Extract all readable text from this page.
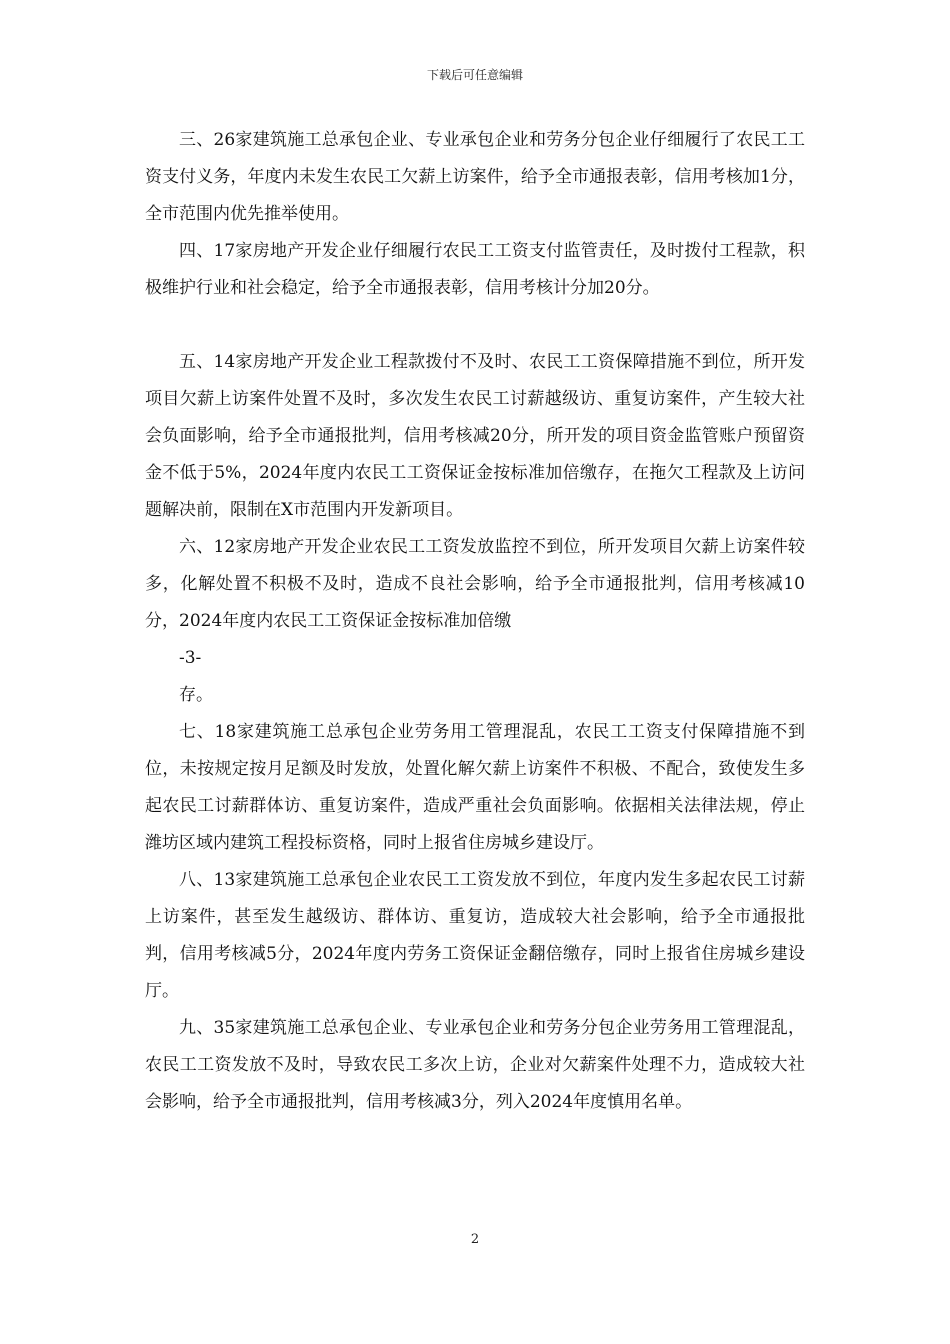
下载后可任意编辑

三、26家建筑施工总承包企业、专业承包企业和劳务分包企业仔细履行了农民工工资支付义务，年度内未发生农民工欠薪上访案件，给予全市通报表彰，信用考核加1分，全市范围内优先推举使用。

四、17家房地产开发企业仔细履行农民工工资支付监管责任，及时拨付工程款，积极维护行业和社会稳定，给予全市通报表彰，信用考核计分加20分。

五、14家房地产开发企业工程款拨付不及时、农民工工资保障措施不到位，所开发项目欠薪上访案件处置不及时，多次发生农民工讨薪越级访、重复访案件，产生较大社会负面影响，给予全市通报批判，信用考核减20分，所开发的项目资金监管账户预留资金不低于5%，2024年度内农民工工资保证金按标准加倍缴存，在拖欠工程款及上访问题解决前，限制在X市范围内开发新项目。

六、12家房地产开发企业农民工工资发放监控不到位，所开发项目欠薪上访案件较多，化解处置不积极不及时，造成不良社会影响，给予全市通报批判，信用考核减10分，2024年度内农民工工资保证金按标准加倍缴

-3-

存。

七、18家建筑施工总承包企业劳务用工管理混乱，农民工工资支付保障措施不到位，未按规定按月足额及时发放，处置化解欠薪上访案件不积极、不配合，致使发生多起农民工讨薪群体访、重复访案件，造成严重社会负面影响。依据相关法律法规，停止潍坊区域内建筑工程投标资格，同时上报省住房城乡建设厅。

八、13家建筑施工总承包企业农民工工资发放不到位，年度内发生多起农民工讨薪上访案件，甚至发生越级访、群体访、重复访，造成较大社会影响，给予全市通报批判，信用考核减5分，2024年度内劳务工资保证金翻倍缴存，同时上报省住房城乡建设厅。

九、35家建筑施工总承包企业、专业承包企业和劳务分包企业劳务用工管理混乱，农民工工资发放不及时，导致农民工多次上访，企业对欠薪案件处理不力，造成较大社会影响，给予全市通报批判，信用考核减3分，列入2024年度慎用名单。

2
